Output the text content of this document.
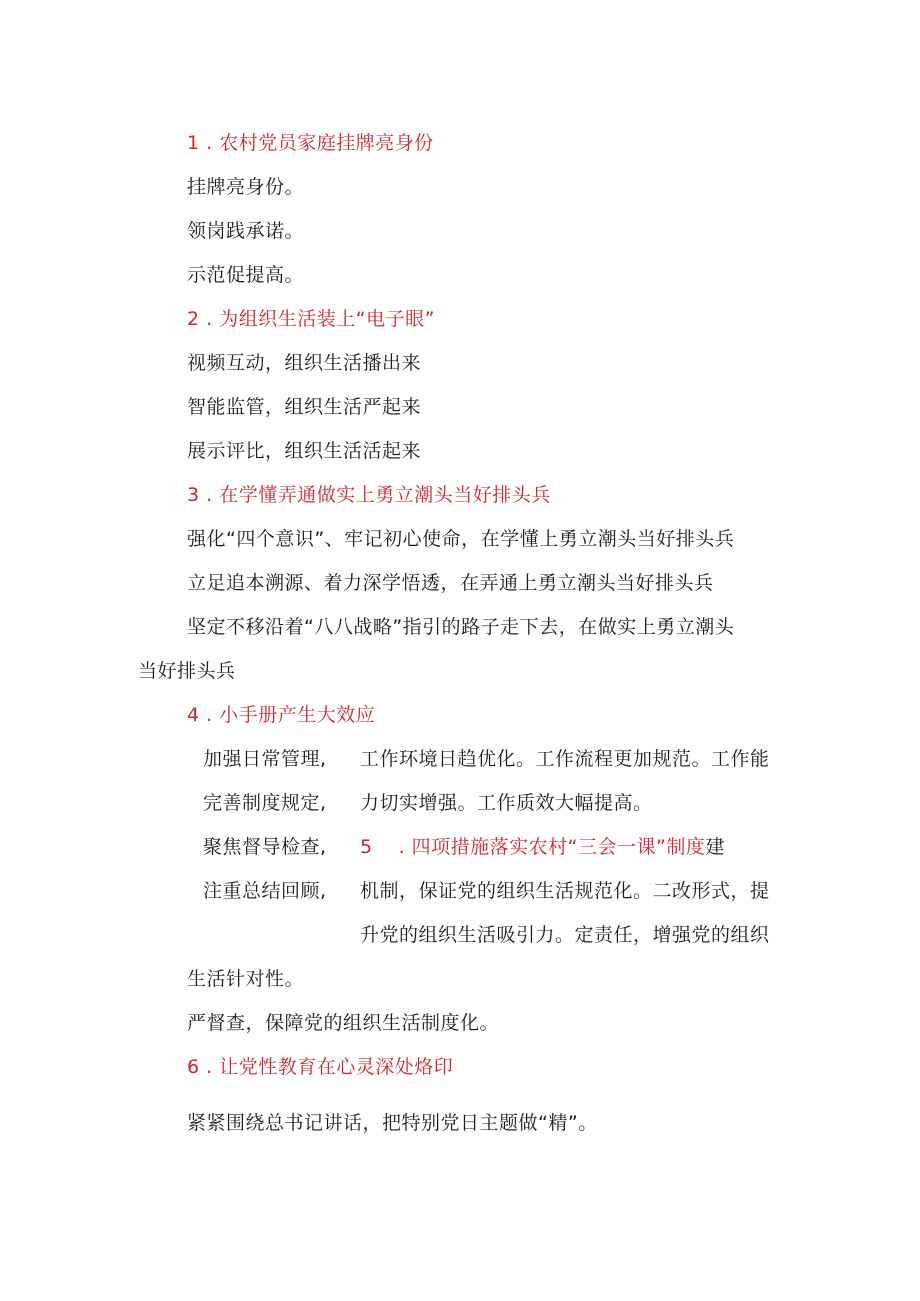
1 . 农村党员家庭挂牌亮身份
挂牌亮身份。
领岗践承诺。
示范促提高。
2 . 为组织生活装上“电子眼”
视频互动，组织生活播出来
智能监管，组织生活严起来
展示评比，组织生活活起来
3 . 在学懂弄通做实上勇立潮头当好排头兵
强化“四个意识”、牢记初心使命，在学懂上勇立潮头当好排头兵
立足追本溯源、着力深学悟透，在弄通上勇立潮头当好排头兵
坚定不移沿着“八八战略”指引的路子走下去，在做实上勇立潮头
当好排头兵
4 . 小手册产生大效应
加强日常管理, 工作环境日趋优化。工作流程更加规范。工作能
完善制度规定, 力切实增强。工作质效大幅提高。
聚焦督导检查,
注重总结回顾,
5 . 四项措施落实农村“三会一课”制度建
机制，保证党的组织生活规范化。二改形式，提
升党的组织生活吸引力。定责任，增强党的组织
生活针对性。
严督查，保障党的组织生活制度化。
6 . 让党性教育在心灵深处烙印
紧紧围绕总书记讲话，把特别党日主题做“精”。
